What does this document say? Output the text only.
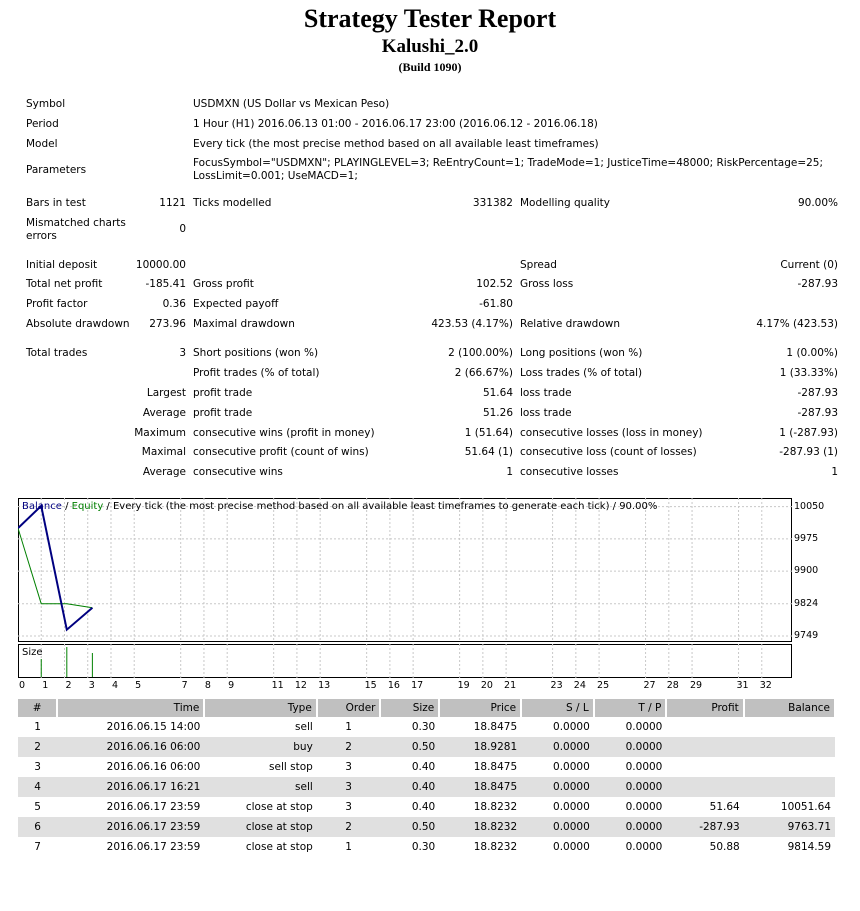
Strategy Tester Report
Kalushi_2.0
(Build 1090)
Symbol	USDMXN (US Dollar vs Mexican Peso)
Period	1 Hour (H1) 2016.06.13 01:00 - 2016.06.17 23:00 (2016.06.12 - 2016.06.18)
Model	Every tick (the most precise method based on all available least timeframes)
Parameters
FocusSymbol="USDMXN"; PLAYINGLEVEL=3; ReEntryCount=1; TradeMode=1; JusticeTime=48000; RiskPercentage=25;
LossLimit=0.001; UseMACD=1;
Bars in test	1121 Ticks modelled	331382 Modelling quality	90.00%
Mismatched charts
errors
0
Initial deposit	10000.00	Spread	Current (0)
Total net profit	-185.41 Gross profit	102.52 Gross loss	-287.93
Profit factor	0.36 Expected payoff	-61.80
Absolute drawdown 273.96 Maximal drawdown	423.53 (4.17%) Relative drawdown	4.17% (423.53)
Total trades	3 Short positions (won %)	2 (100.00%) Long positions (won %)	1 (0.00%)
Profit trades (% of total)	2 (66.67%) Loss trades (% of total)	1 (33.33%)
Largest profit trade	51.64 loss trade	-287.93
Average profit trade	51.26 loss trade	-287.93
Maximum consecutive wins (profit in money)	1 (51.64) consecutive losses (loss in money)	1 (-287.93)
Maximal consecutive profit (count of wins)	51.64 (1) consecutive loss (count of losses)	-287.93 (1)
Average consecutive wins	1 consecutive losses	1
Balance / Equity / Every tick (the most precise method based on all available least timeframes to generate each tick) / 90.00%	10050
9975
9900
9824
9749
Size
0 1 2 3 4 5	7 8 9	11 12 13	15 16 17	19 20 21	23 24 25	27 28 29	31 32
#	Time	Type	Order	Size	Price	S / L	T / P	Profit	Balance
1	2016.06.15 14:00	sell	1	0.30	18.8475	0.0000	0.0000		
2	2016.06.16 06:00	buy	2	0.50	18.9281	0.0000	0.0000		
3	2016.06.16 06:00	sell stop	3	0.40	18.8475	0.0000	0.0000		
4	2016.06.17 16:21	sell	3	0.40	18.8475	0.0000	0.0000		
5	2016.06.17 23:59	close at stop	3	0.40	18.8232	0.0000	0.0000	51.64	10051.64
6	2016.06.17 23:59	close at stop	2	0.50	18.8232	0.0000	0.0000	-287.93	9763.71
7	2016.06.17 23:59	close at stop	1	0.30	18.8232	0.0000	0.0000	50.88	9814.59
